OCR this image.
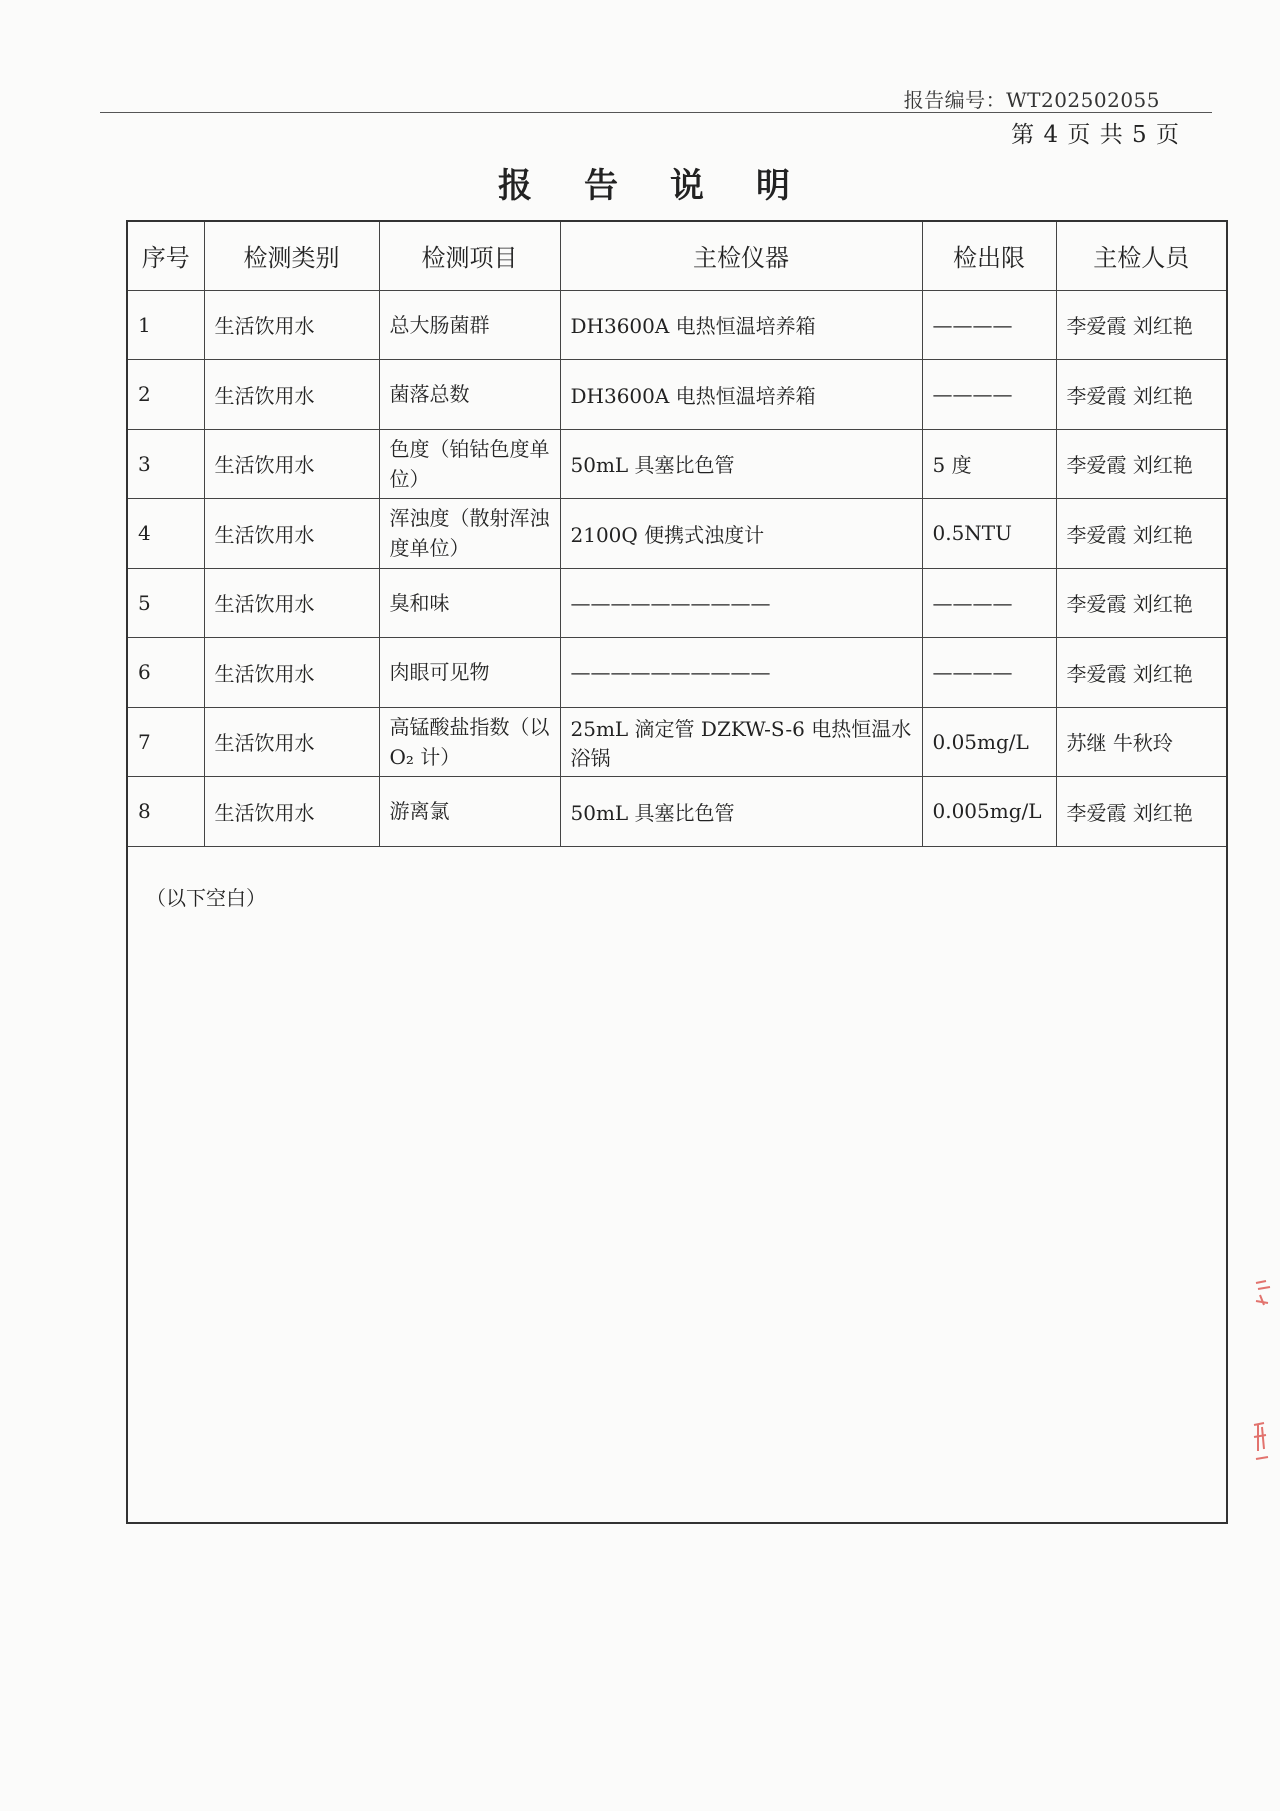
报告编号：WT202502055
第 4 页 共 5 页
报告说明
序号	检测类别	检测项目	主检仪器	检出限	主检人员
1	生活饮用水	总大肠菌群	DH3600A 电热恒温培养箱	————	李爱霞 刘红艳
2	生活饮用水	菌落总数	DH3600A 电热恒温培养箱	————	李爱霞 刘红艳
3	生活饮用水	色度（铂钴色度单位）	50mL 具塞比色管	5 度	李爱霞 刘红艳
4	生活饮用水	浑浊度（散射浑浊度单位）	2100Q 便携式浊度计	0.5NTU	李爱霞 刘红艳
5	生活饮用水	臭和味	——————————	————	李爱霞 刘红艳
6	生活饮用水	肉眼可见物	——————————	————	李爱霞 刘红艳
7	生活饮用水	高锰酸盐指数（以 O₂ 计）	25mL 滴定管 DZKW-S-6 电热恒温水浴锅	0.05mg/L	苏继 牛秋玲
8	生活饮用水	游离氯	50mL 具塞比色管	0.005mg/L	李爱霞 刘红艳
（以下空白）
